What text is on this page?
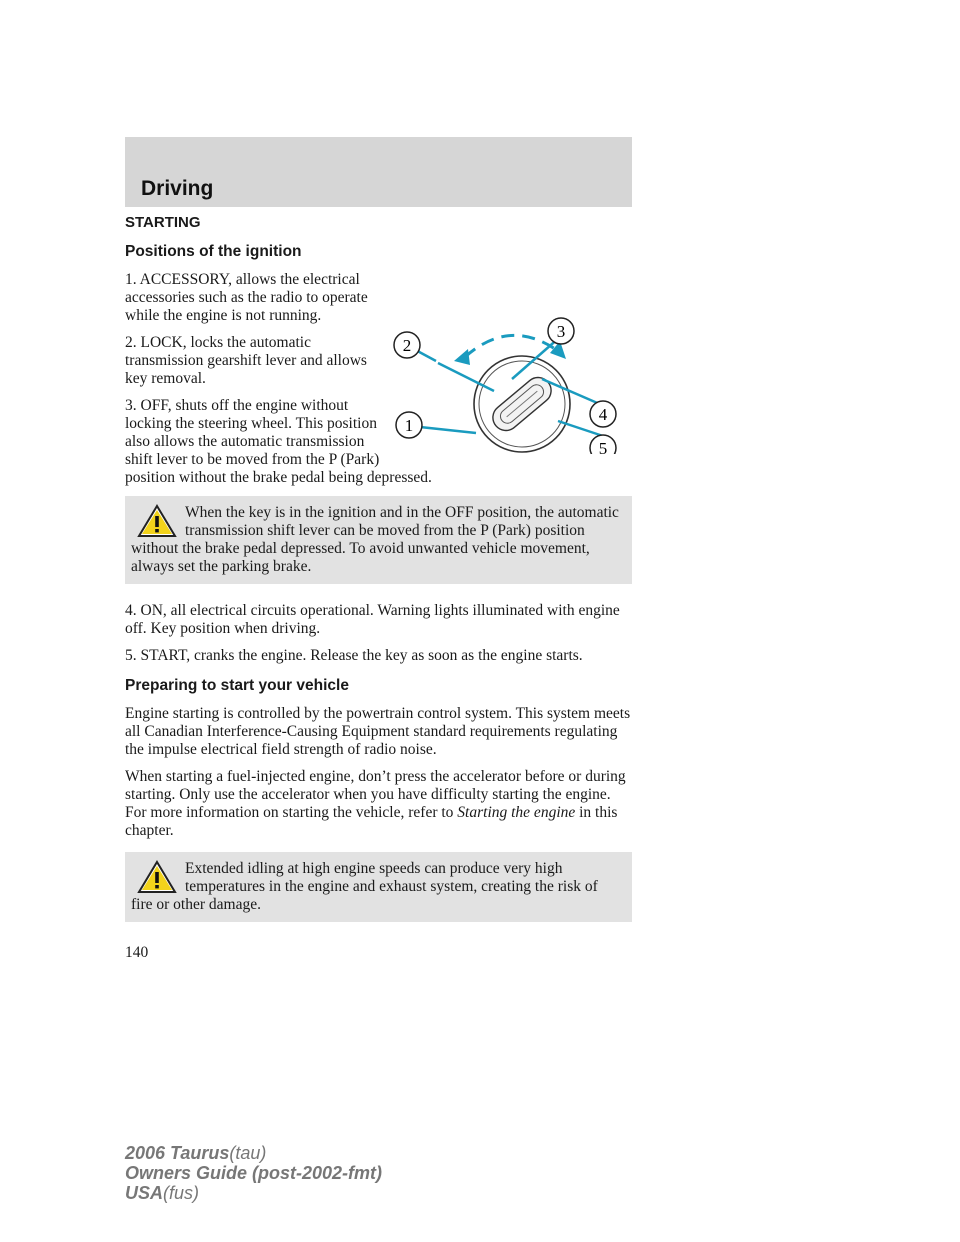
Driving
STARTING
Positions of the ignition
2
3
4
5
1

1. ACCESSORY, allows the electrical accessories such as the radio to operate while the engine is not running.

2. LOCK, locks the automatic transmission gearshift lever and allows key removal.

3. OFF, shuts off the engine without locking the steering wheel. This position also allows the automatic transmission shift lever to be moved from the P (Park) position without the brake pedal being depressed.

When the key is in the ignition and in the OFF position, the automatic transmission shift lever can be moved from the P (Park) position without the brake pedal depressed. To avoid unwanted vehicle movement, always set the parking brake.

4. ON, all electrical circuits operational. Warning lights illuminated with engine off. Key position when driving.

5. START, cranks the engine. Release the key as soon as the engine starts.

Preparing to start your vehicle

Engine starting is controlled by the powertrain control system. This system meets all Canadian Interference-Causing Equipment standard requirements regulating the impulse electrical field strength of radio noise.

When starting a fuel-injected engine, don’t press the accelerator before or during starting. Only use the accelerator when you have difficulty starting the engine. For more information on starting the vehicle, refer to Starting the engine in this chapter.

Extended idling at high engine speeds can produce very high temperatures in the engine and exhaust system, creating the risk of fire or other damage.
140
2006 Taurus(tau)
Owners Guide (post-2002-fmt)
USA(fus)
